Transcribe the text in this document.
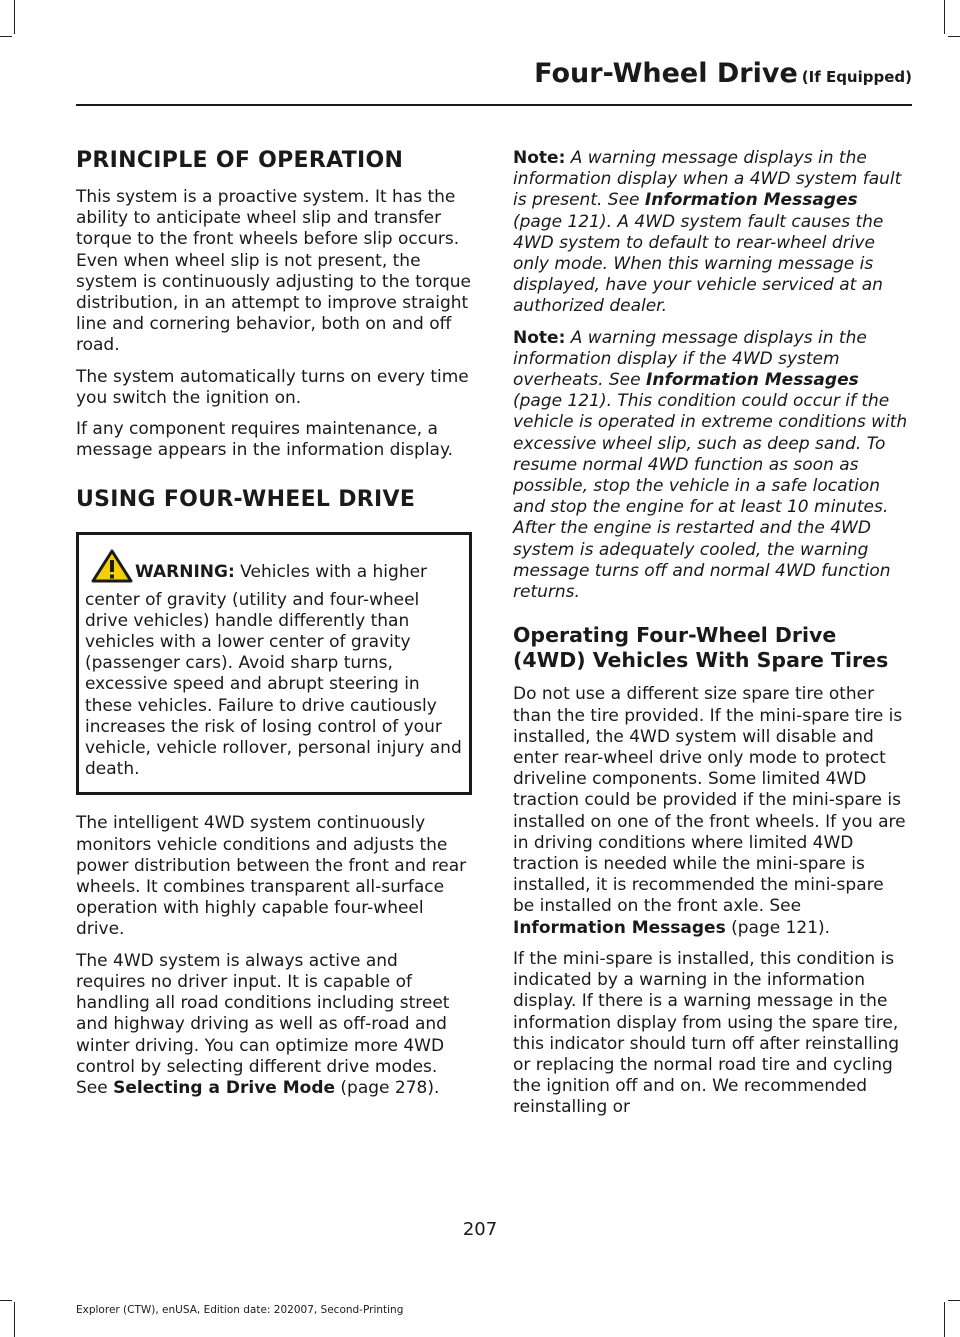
Four-Wheel Drive (If Equipped)
PRINCIPLE OF OPERATION

This system is a proactive system. It has the ability to anticipate wheel slip and transfer torque to the front wheels before slip occurs. Even when wheel slip is not present, the system is continuously adjusting to the torque distribution, in an attempt to improve straight line and cornering behavior, both on and off road.

The system automatically turns on every time you switch the ignition on.

If any component requires maintenance, a message appears in the information display.

USING FOUR-WHEEL DRIVE

WARNING: Vehicles with a higher center of gravity (utility and four-wheel drive vehicles) handle differently than vehicles with a lower center of gravity (passenger cars). Avoid sharp turns, excessive speed and abrupt steering in these vehicles. Failure to drive cautiously increases the risk of losing control of your vehicle, vehicle rollover, personal injury and death.

The intelligent 4WD system continuously monitors vehicle conditions and adjusts the power distribution between the front and rear wheels. It combines transparent all-surface operation with highly capable four-wheel drive.

The 4WD system is always active and requires no driver input. It is capable of handling all road conditions including street and highway driving as well as off-road and winter driving. You can optimize more 4WD control by selecting different drive modes. See Selecting a Drive Mode (page 278).

Note: A warning message displays in the information display when a 4WD system fault is present. See Information Messages (page 121). A 4WD system fault causes the 4WD system to default to rear-wheel drive only mode. When this warning message is displayed, have your vehicle serviced at an authorized dealer.

Note: A warning message displays in the information display if the 4WD system overheats. See Information Messages (page 121). This condition could occur if the vehicle is operated in extreme conditions with excessive wheel slip, such as deep sand. To resume normal 4WD function as soon as possible, stop the vehicle in a safe location and stop the engine for at least 10 minutes. After the engine is restarted and the 4WD system is adequately cooled, the warning message turns off and normal 4WD function returns.

Operating Four-Wheel Drive (4WD) Vehicles With Spare Tires

Do not use a different size spare tire other than the tire provided. If the mini-spare tire is installed, the 4WD system will disable and enter rear-wheel drive only mode to protect driveline components. Some limited 4WD traction could be provided if the mini-spare is installed on one of the front wheels. If you are in driving conditions where limited 4WD traction is needed while the mini-spare is installed, it is recommended the mini-spare be installed on the front axle. See Information Messages (page 121).

If the mini-spare is installed, this condition is indicated by a warning in the information display. If there is a warning message in the information display from using the spare tire, this indicator should turn off after reinstalling or replacing the normal road tire and cycling the ignition off and on. We recommended reinstalling or

207
Explorer (CTW), enUSA, Edition date: 202007, Second-Printing
